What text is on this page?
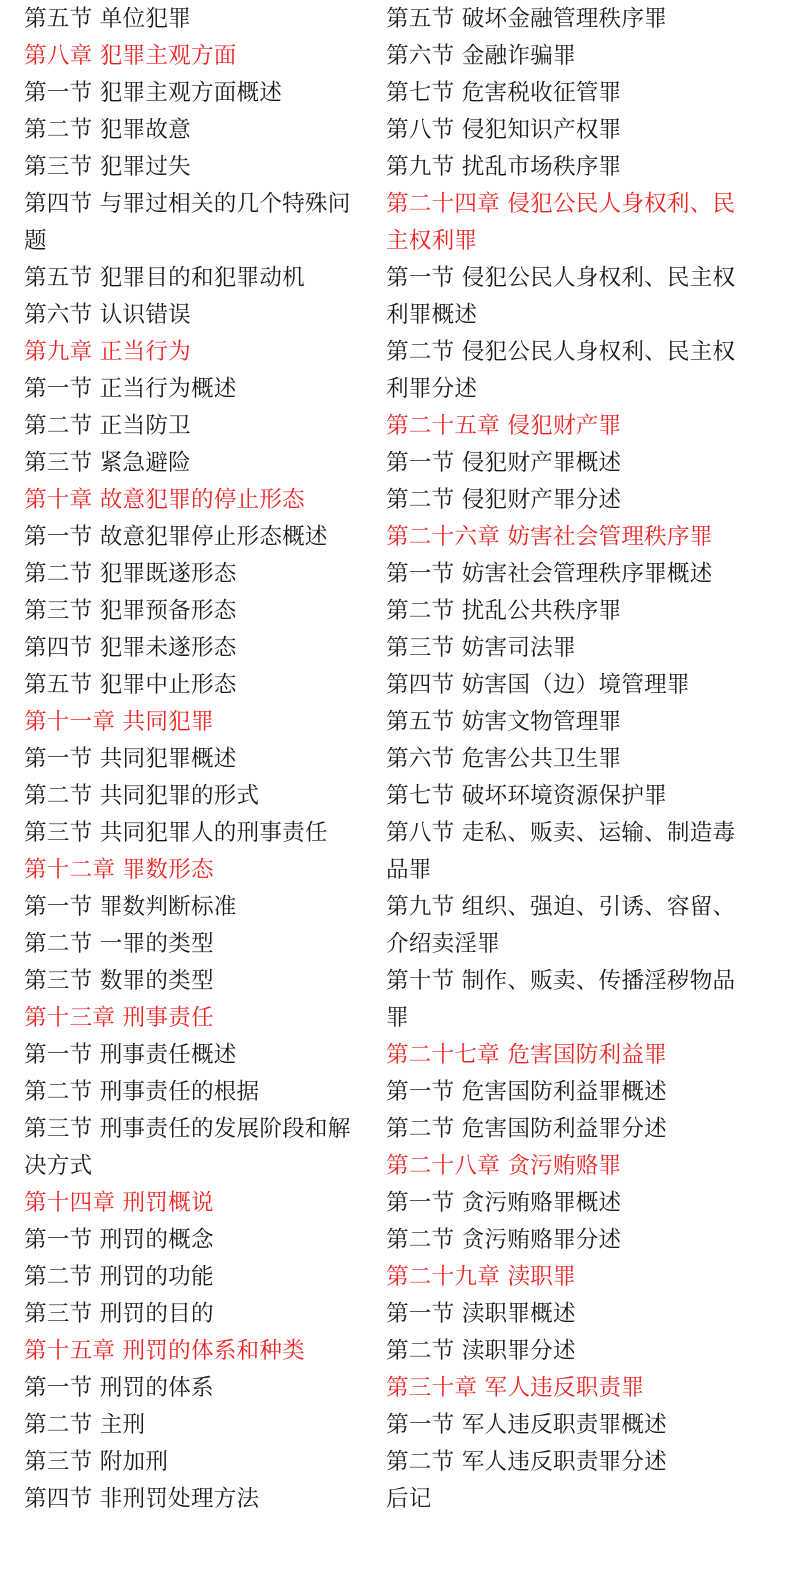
第五节 单位犯罪
第八章 犯罪主观方面
第一节 犯罪主观方面概述
第二节 犯罪故意
第三节 犯罪过失
第四节 与罪过相关的几个特殊问题
第五节 犯罪目的和犯罪动机
第六节 认识错误
第九章 正当行为
第一节 正当行为概述
第二节 正当防卫
第三节 紧急避险
第十章 故意犯罪的停止形态
第一节 故意犯罪停止形态概述
第二节 犯罪既遂形态
第三节 犯罪预备形态
第四节 犯罪未遂形态
第五节 犯罪中止形态
第十一章 共同犯罪
第一节 共同犯罪概述
第二节 共同犯罪的形式
第三节 共同犯罪人的刑事责任
第十二章 罪数形态
第一节 罪数判断标准
第二节 一罪的类型
第三节 数罪的类型
第十三章 刑事责任
第一节 刑事责任概述
第二节 刑事责任的根据
第三节 刑事责任的发展阶段和解决方式
第十四章 刑罚概说
第一节 刑罚的概念
第二节 刑罚的功能
第三节 刑罚的目的
第十五章 刑罚的体系和种类
第一节 刑罚的体系
第二节 主刑
第三节 附加刑
第四节 非刑罚处理方法
第五节 破坏金融管理秩序罪
第六节 金融诈骗罪
第七节 危害税收征管罪
第八节 侵犯知识产权罪
第九节 扰乱市场秩序罪
第二十四章 侵犯公民人身权利、民主权利罪
第一节 侵犯公民人身权利、民主权利罪概述
第二节 侵犯公民人身权利、民主权利罪分述
第二十五章 侵犯财产罪
第一节 侵犯财产罪概述
第二节 侵犯财产罪分述
第二十六章 妨害社会管理秩序罪
第一节 妨害社会管理秩序罪概述
第二节 扰乱公共秩序罪
第三节 妨害司法罪
第四节 妨害国（边）境管理罪
第五节 妨害文物管理罪
第六节 危害公共卫生罪
第七节 破坏环境资源保护罪
第八节 走私、贩卖、运输、制造毒品罪
第九节 组织、强迫、引诱、容留、介绍卖淫罪
第十节 制作、贩卖、传播淫秽物品罪
第二十七章 危害国防利益罪
第一节 危害国防利益罪概述
第二节 危害国防利益罪分述
第二十八章 贪污贿赂罪
第一节 贪污贿赂罪概述
第二节 贪污贿赂罪分述
第二十九章 渎职罪
第一节 渎职罪概述
第二节 渎职罪分述
第三十章 军人违反职责罪
第一节 军人违反职责罪概述
第二节 军人违反职责罪分述
后记
